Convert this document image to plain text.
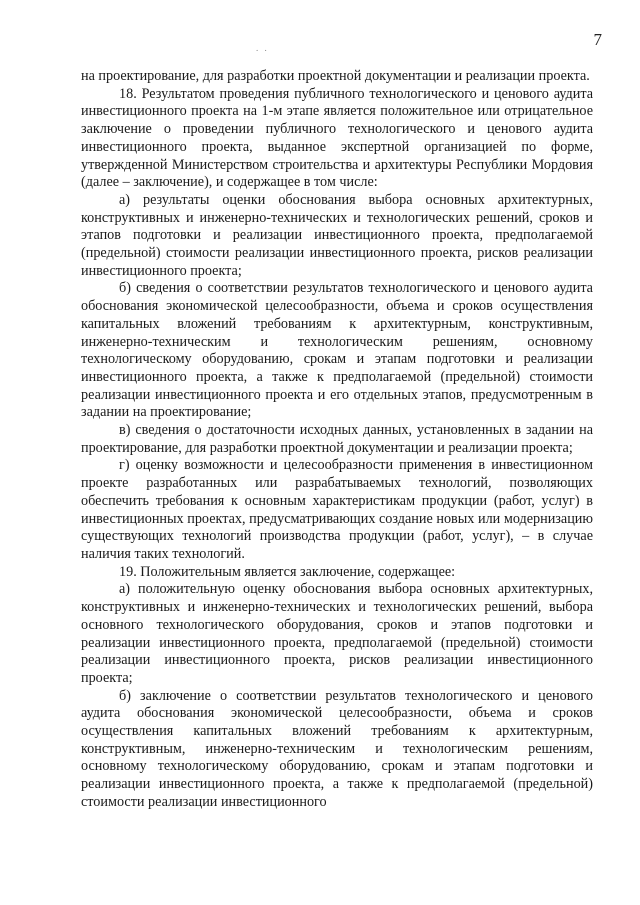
. .	7

на проектирование, для разработки проектной документации и реализации проекта.

18. Результатом проведения публичного технологического и ценового аудита инвестиционного проекта на 1-м этапе является положительное или отрицательное заключение о проведении публичного технологического и ценового аудита инвестиционного проекта, выданное экспертной организацией по форме, утвержденной Министерством строительства и архитектуры Республики Мордовия (далее – заключение), и содержащее в том числе:

а) результаты оценки обоснования выбора основных архитектурных, конструктивных и инженерно-технических и технологических решений, сроков и этапов подготовки и реализации инвестиционного проекта, предполагаемой (предельной) стоимости реализации инвестиционного проекта, рисков реализации инвестиционного проекта;

б) сведения о соответствии результатов технологического и ценового аудита обоснования экономической целесообразности, объема и сроков осуществления капитальных вложений требованиям к архитектурным, конструктивным, инженерно-техническим и технологическим решениям, основному технологическому оборудованию, срокам и этапам подготовки и реализации инвестиционного проекта, а также к предполагаемой (предельной) стоимости реализации инвестиционного проекта и его отдельных этапов, предусмотренным в задании на проектирование;

в) сведения о достаточности исходных данных, установленных в задании на проектирование, для разработки проектной документации и реализации проекта;

г) оценку возможности и целесообразности применения в инвестиционном проекте разработанных или разрабатываемых технологий, позволяющих обеспечить требования к основным характеристикам продукции (работ, услуг) в инвестиционных проектах, предусматривающих создание новых или модернизацию существующих технологий производства продукции (работ, услуг), – в случае наличия таких технологий.

19. Положительным является заключение, содержащее:

а) положительную оценку обоснования выбора основных архитектурных, конструктивных и инженерно-технических и технологических решений, выбора основного технологического оборудования, сроков и этапов подготовки и реализации инвестиционного проекта, предполагаемой (предельной) стоимости реализации инвестиционного проекта, рисков реализации инвестиционного проекта;

б) заключение о соответствии результатов технологического и ценового аудита обоснования экономической целесообразности, объема и сроков осуществления капитальных вложений требованиям к архитектурным, конструктивным, инженерно-техническим и технологическим решениям, основному технологическому оборудованию, срокам и этапам подготовки и реализации инвестиционного проекта, а также к предполагаемой (предельной) стоимости реализации инвестиционного
